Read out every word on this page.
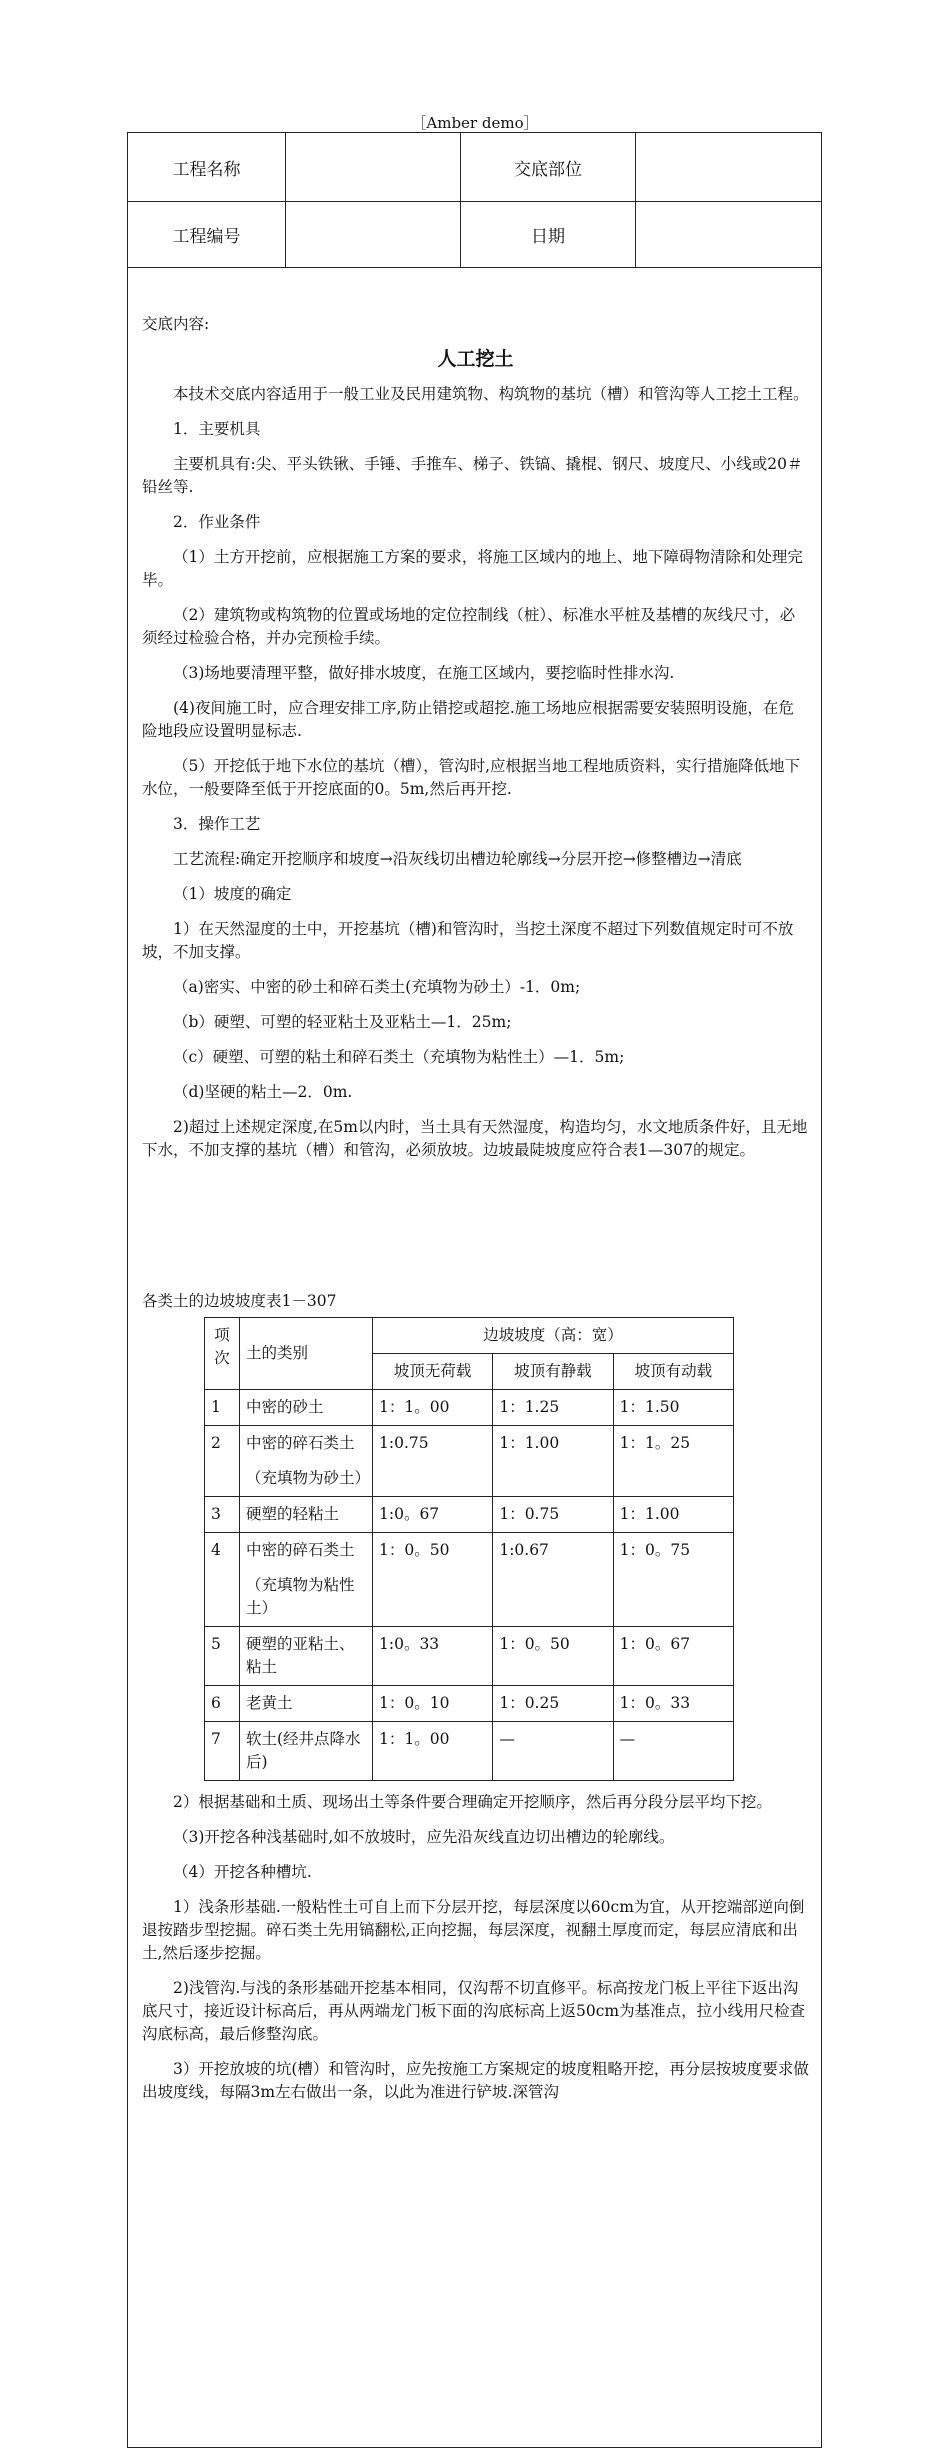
［Amber demo］
工程名称	交底部位
工程编号	日期

交底内容:

人工挖土

本技术交底内容适用于一般工业及民用建筑物、构筑物的基坑（槽）和管沟等人工挖土工程。

1．主要机具

主要机具有:尖、平头铁锹、手锤、手推车、梯子、铁镐、撬棍、钢尺、坡度尺、小线或20＃铅丝等.

2．作业条件

（1）土方开挖前，应根据施工方案的要求，将施工区域内的地上、地下障碍物清除和处理完毕。

（2）建筑物或构筑物的位置或场地的定位控制线（桩）、标准水平桩及基槽的灰线尺寸，必须经过检验合格，并办完预检手续。

（3)场地要清理平整，做好排水坡度，在施工区域内，要挖临时性排水沟.

(4)夜间施工时，应合理安排工序,防止错挖或超挖.施工场地应根据需要安装照明设施，在危险地段应设置明显标志.

（5）开挖低于地下水位的基坑（槽），管沟时,应根据当地工程地质资料，实行措施降低地下水位，一般要降至低于开挖底面的0。5m,然后再开挖.

3．操作工艺

工艺流程:确定开挖顺序和坡度→沿灰线切出槽边轮廓线→分层开挖→修整槽边→清底

（1）坡度的确定

1）在天然湿度的土中，开挖基坑（槽)和管沟时，当挖土深度不超过下列数值规定时可不放坡，不加支撑。

（a)密实、中密的砂土和碎石类土(充填物为砂土）-1．0m;

（b）硬塑、可塑的轻亚粘土及亚粘土—1．25m;

（c）硬塑、可塑的粘土和碎石类土（充填物为粘性土）—1．5m;

（d)坚硬的粘土—2．0m.

2)超过上述规定深度,在5m以内时，当土具有天然湿度，构造均匀，水文地质条件好，且无地下水，不加支撑的基坑（槽）和管沟，必须放坡。边坡最陡坡度应符合表1—307的规定。

各类土的边坡坡度表1－307

项次	土的类别	边坡坡度（高：宽）		
		坡顶无荷载	坡顶有静载	坡顶有动载
1	中密的砂土	1：1。00	1：1.25	1：1.50
2	中密的碎石类土
（充填物为砂土）	1:0.75	1：1.00	1：1。25
3	硬塑的轻粘土	1:0。67	1：0.75	1：1.00
4	中密的碎石类土
（充填物为粘性土）	1：0。50	1:0.67	1：0。75
5	硬塑的亚粘土、粘土	1:0。33	1：0。50	1：0。67
6	老黄土	1：0。10	1：0.25	1：0。33
7	软土(经井点降水后)	1：1。00	—	—

2）根据基础和土质、现场出土等条件要合理确定开挖顺序，然后再分段分层平均下挖。

（3)开挖各种浅基础时,如不放坡时，应先沿灰线直边切出槽边的轮廓线。

（4）开挖各种槽坑.

1）浅条形基础.一般粘性土可自上而下分层开挖，每层深度以60cm为宜，从开挖端部逆向倒退按踏步型挖掘。碎石类土先用镐翻松,正向挖掘，每层深度，视翻土厚度而定，每层应清底和出土,然后逐步挖掘。

2)浅管沟.与浅的条形基础开挖基本相同，仅沟帮不切直修平。标高按龙门板上平往下返出沟底尺寸，接近设计标高后，再从两端龙门板下面的沟底标高上返50cm为基准点，拉小线用尺检查沟底标高，最后修整沟底。

3）开挖放坡的坑(槽）和管沟时，应先按施工方案规定的坡度粗略开挖，再分层按坡度要求做出坡度线，每隔3m左右做出一条，以此为准进行铲坡.深管沟
